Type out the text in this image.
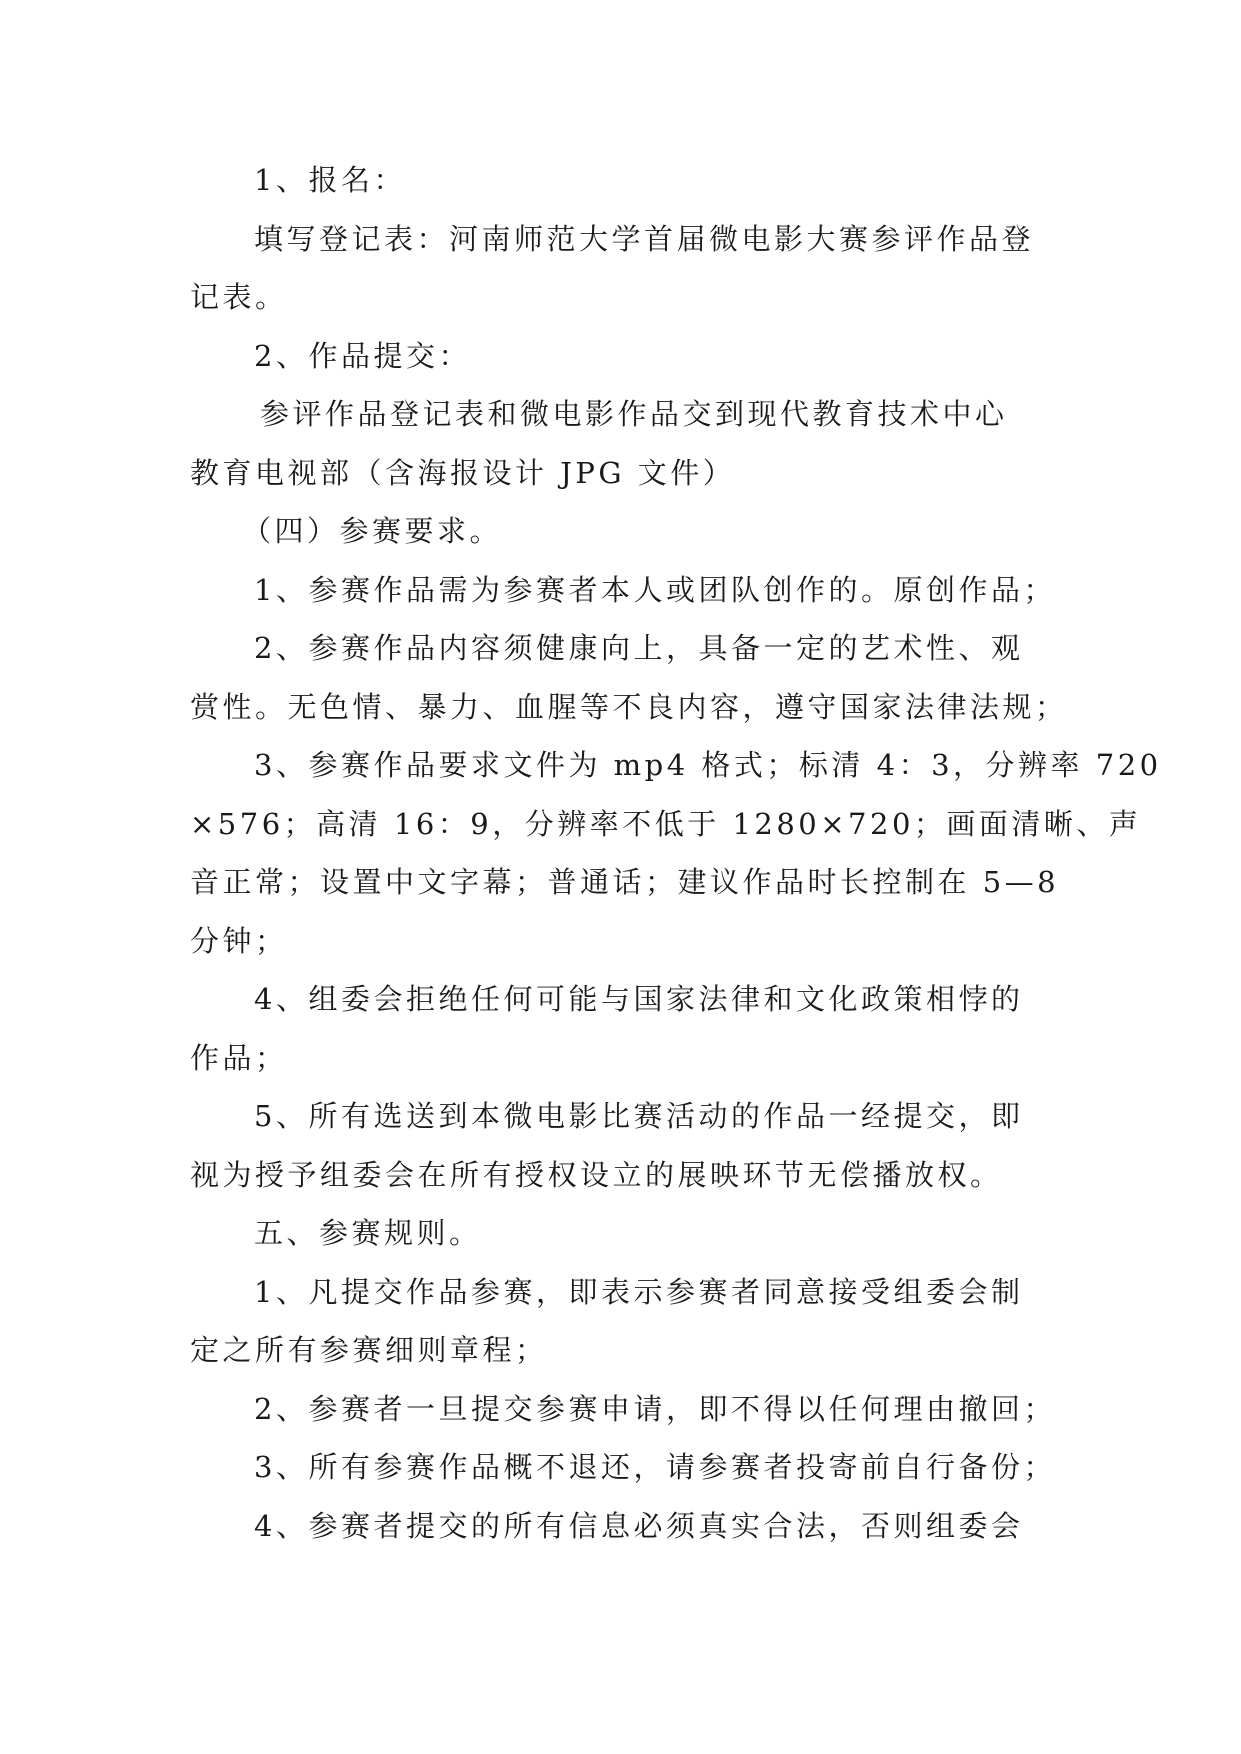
1、报名：
填写登记表：河南师范大学首届微电影大赛参评作品登
记表。
2、作品提交：
参评作品登记表和微电影作品交到现代教育技术中心
教育电视部（含海报设计 JPG 文件）
（四）参赛要求。
1、参赛作品需为参赛者本人或团队创作的。原创作品；
2、参赛作品内容须健康向上，具备一定的艺术性、观
赏性。无色情、暴力、血腥等不良内容，遵守国家法律法规；
3、参赛作品要求文件为 mp4 格式；标清 4：3，分辨率 720
×576；高清 16：9，分辨率不低于 1280×720；画面清晰、声
音正常；设置中文字幕；普通话；建议作品时长控制在 5—8
分钟；
4、组委会拒绝任何可能与国家法律和文化政策相悖的
作品；
5、所有选送到本微电影比赛活动的作品一经提交，即
视为授予组委会在所有授权设立的展映环节无偿播放权。
五、参赛规则。
1、凡提交作品参赛，即表示参赛者同意接受组委会制
定之所有参赛细则章程；
2、参赛者一旦提交参赛申请，即不得以任何理由撤回；
3、所有参赛作品概不退还，请参赛者投寄前自行备份；
4、参赛者提交的所有信息必须真实合法，否则组委会
